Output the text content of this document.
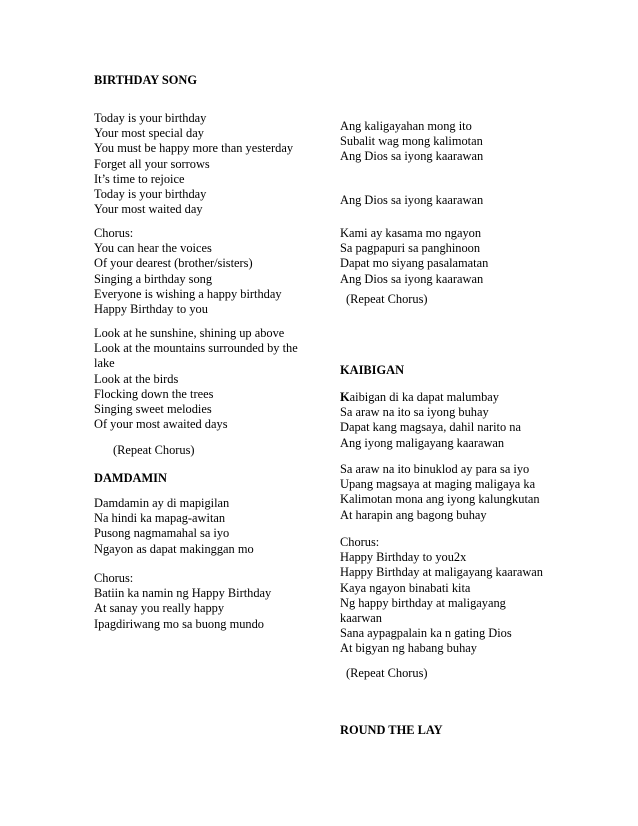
BIRTHDAY SONG
Today is your birthday
Your most special day
You must be happy more than yesterday
Forget all your sorrows
It’s time to rejoice
Today is your birthday
Your most waited day
Chorus:
You can hear the voices
Of your dearest (brother/sisters)
Singing a birthday song
Everyone is wishing a happy birthday
Happy Birthday to you
Look at he sunshine, shining up above
Look at the mountains surrounded by the
lake
Look at the birds
Flocking down the trees
Singing sweet melodies
Of your most awaited days
(Repeat Chorus)
DAMDAMIN
Damdamin ay di mapigilan
Na hindi ka mapag-awitan
Pusong nagmamahal sa iyo
Ngayon as dapat makinggan mo
Chorus:
Batiin ka namin ng Happy Birthday
At sanay you really happy
Ipagdiriwang mo sa buong mundo
Ang kaligayahan mong ito
Subalit wag mong kalimotan
Ang Dios sa iyong kaarawan
Ang Dios sa iyong kaarawan
Kami ay kasama mo ngayon
Sa pagpapuri sa panghinoon
Dapat mo siyang pasalamatan
Ang Dios sa iyong kaarawan
(Repeat Chorus)
KAIBIGAN
Kaibigan di ka dapat malumbay
Sa araw na ito sa iyong buhay
Dapat kang magsaya, dahil narito na
Ang iyong maligayang kaarawan
Sa araw na ito binuklod ay para sa iyo
Upang magsaya at maging maligaya ka
Kalimotan mona ang iyong kalungkutan
At harapin ang bagong buhay
Chorus:
Happy Birthday to you2x
Happy Birthday at maligayang kaarawan
Kaya ngayon binabati kita
Ng happy birthday at maligayang
kaarwan
Sana aypagpalain ka n gating Dios
At bigyan ng habang buhay
(Repeat Chorus)
ROUND THE LAY
